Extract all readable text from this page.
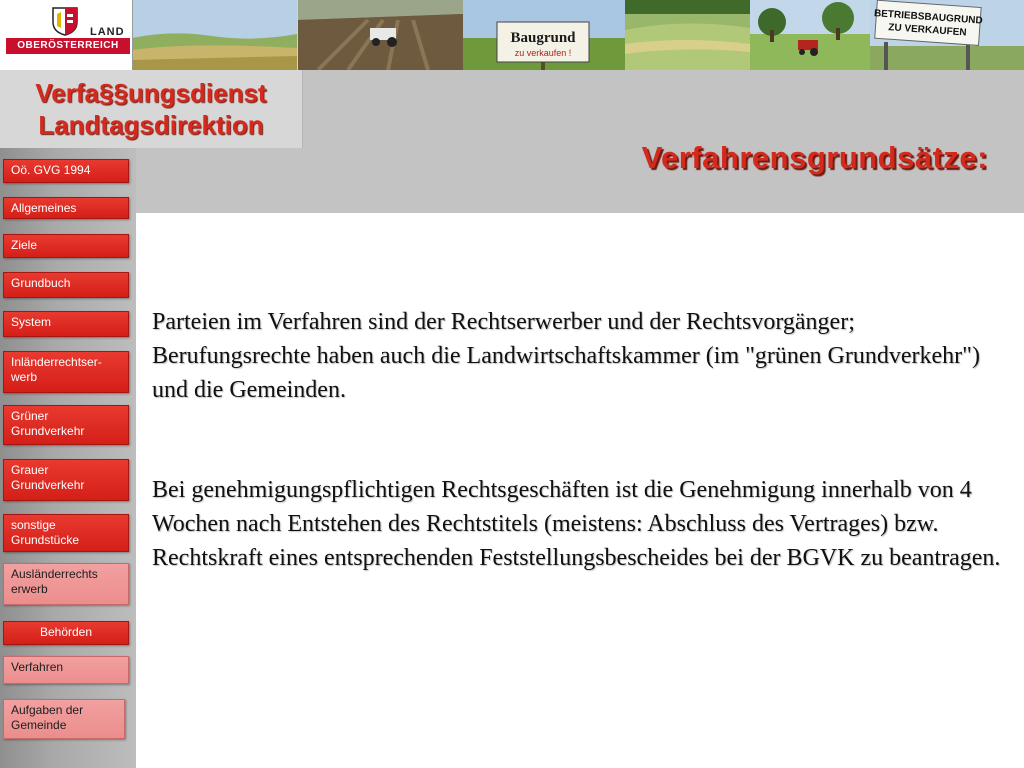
Baugrund
zu verkaufen !
BETRIEBSBAUGRUND
ZU VERKAUFEN
LAND
OBERÖSTERREICH
Verfa§§ungsdienst
Landtagsdirektion
Verfahrensgrundsätze:
Oö. GVG 1994
Allgemeines
Ziele
Grundbuch
System
Inländerrechtser-
werb
Grüner
Grundverkehr
Grauer
Grundverkehr
sonstige
Grundstücke
Ausländerrechts
erwerb
Behörden
Verfahren
Aufgaben der
Gemeinde

Parteien im Verfahren sind der Rechtserwerber und der Rechtsvorgänger; Berufungsrechte haben auch die Landwirtschaftskammer (im "grünen Grundverkehr") und die Gemeinden.

Bei genehmigungspflichtigen Rechtsgeschäften ist die Genehmigung innerhalb von 4 Wochen nach Entstehen des Rechtstitels (meistens: Abschluss des Vertrages) bzw. Rechtskraft eines entsprechenden Feststellungsbescheides bei der BGVK zu beantragen.
